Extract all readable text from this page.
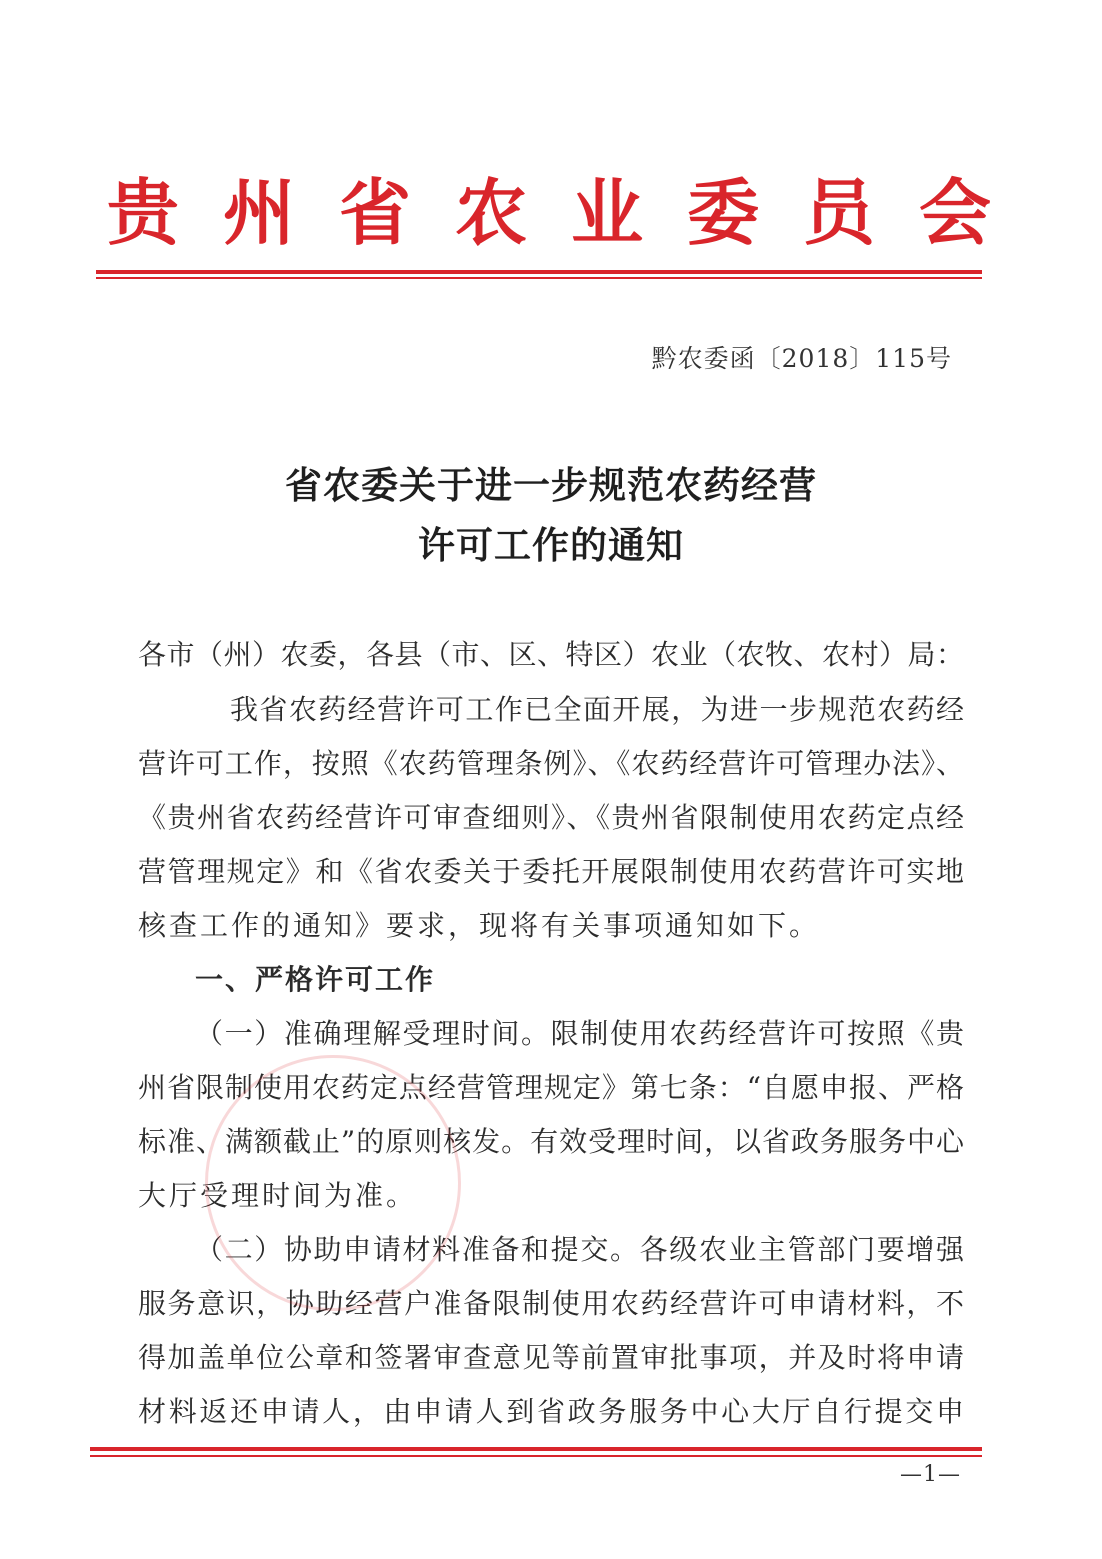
贵州省农业委员会
黔农委函〔2018〕115号
省农委关于进一步规范农药经营
许可工作的通知
各市（州）农委，各县（市、区、特区）农业（农牧、农村）局：
我省农药经营许可工作已全面开展，为进一步规范农药经
营许可工作，按照《农药管理条例》、《农药经营许可管理办法》、
《贵州省农药经营许可审查细则》、《贵州省限制使用农药定点经
营管理规定》和《省农委关于委托开展限制使用农药营许可实地
核查工作的通知》要求，现将有关事项通知如下。
一、严格许可工作
（一）准确理解受理时间。限制使用农药经营许可按照《贵
州省限制使用农药定点经营管理规定》第七条：“自愿申报、严格
标准、满额截止”的原则核发。有效受理时间，以省政务服务中心
大厅受理时间为准。
（二）协助申请材料准备和提交。各级农业主管部门要增强
服务意识，协助经营户准备限制使用农药经营许可申请材料，不
得加盖单位公章和签署审查意见等前置审批事项，并及时将申请
材料返还申请人，由申请人到省政务服务中心大厅自行提交申
—1—
